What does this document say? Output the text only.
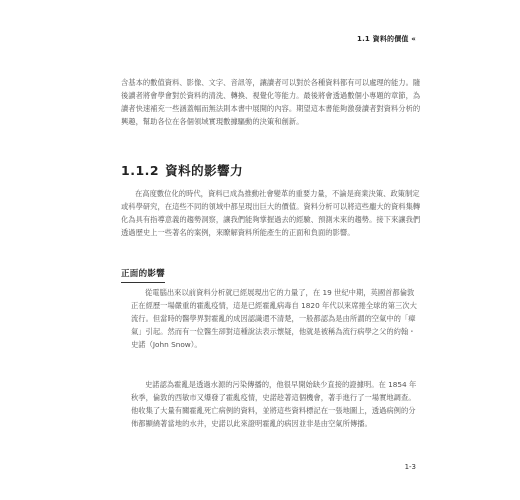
1.1 資料的價值 «

含基本的數值資料、影像、文字、音訊等，讓讀者可以對於各種資料都有可以處理的能力。隨後讀者將會學會對於資料的清洗、轉換、視覺化等能力。最後將會透過數個小專題的章節，為讀者快速補充一些涵蓋幅而無法則本書中展開的內容。期望這本書能夠激發讀者對資料分析的興趣，幫助各位在各個領域實現數據驅動的決策和創新。

1.1.2 資料的影響力

在高度數位化的時代，資料已成為推動社會變革的重要力量，不論是商業決策、政策制定或科學研究，在這些不同的領域中都呈現出巨大的價值。資料分析可以將這些龐大的資料集轉化為具有指導意義的趨勢洞察，讓我們能夠掌握過去的經驗、預測未來的趨勢。接下來讓我們透過歷史上一些著名的案例，來瞭解資料所能產生的正面和負面的影響。

正面的影響

從電腦出來以前資料分析就已經展現出它的力量了，在 19 世紀中期，英國首都倫敦正在經歷一場嚴重的霍亂疫情，這是已經霍亂病毒自 1820 年代以來席捲全球的第三次大流行。但當時的醫學界對霍亂的成因認識還不清楚，一般都認為是由所謂的空氣中的「瘴氣」引起。然而有一位醫生卻對這種說法表示懷疑，他就是被稱為流行病學之父的約翰・史諾（John Snow）。

史諾認為霍亂是透過水源的污染傳播的，他很早開始缺少直接的證據明。在 1854 年秋季，倫敦的西敏市又爆發了霍亂疫情，史諾趁著這個機會，著手進行了一場實地調查。他收集了大量有關霍亂死亡病例的資料，並將這些資料標記在一張地圖上，透過病例的分佈都顯繞著當地的水井，史諾以此來證明霍亂的病因並非是由空氣所傳播。

1-3
